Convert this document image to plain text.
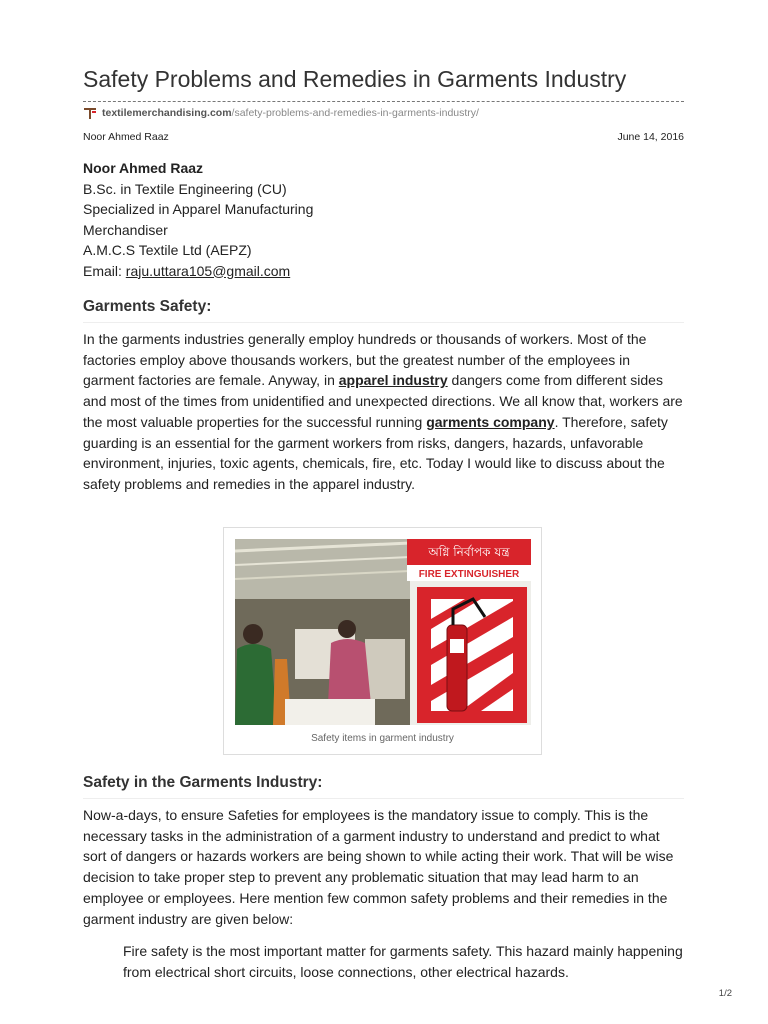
Safety Problems and Remedies in Garments Industry
textilemerchandising.com /safety-problems-and-remedies-in-garments-industry/
Noor Ahmed Raaz	June 14, 2016
Noor Ahmed Raaz
B.Sc. in Textile Engineering (CU)
Specialized in Apparel Manufacturing
Merchandiser
A.M.C.S Textile Ltd (AEPZ)
Email: raju.uttara105@gmail.com
Garments Safety:
In the garments industries generally employ hundreds or thousands of workers. Most of the factories employ above thousands workers, but the greatest number of the employees in garment factories are female. Anyway, in apparel industry dangers come from different sides and most of the times from unidentified and unexpected directions. We all know that, workers are the most valuable properties for the successful running garments company. Therefore, safety guarding is an essential for the garment workers from risks, dangers, hazards, unfavorable environment, injuries, toxic agents, chemicals, fire, etc. Today I would like to discuss about the safety problems and remedies in the apparel industry.
অগ্নি নির্বাপক যন্ত্র
FIRE EXTINGUISHER
Safety items in garment industry
Safety in the Garments Industry:
Now-a-days, to ensure Safeties for employees is the mandatory issue to comply. This is the necessary tasks in the administration of a garment industry to understand and predict to what sort of dangers or hazards workers are being shown to while acting their work. That will be wise decision to take proper step to prevent any problematic situation that may lead harm to an employee or employees. Here mention few common safety problems and their remedies in the garment industry are given below:
Fire safety is the most important matter for garments safety. This hazard mainly happening from electrical short circuits, loose connections, other electrical hazards.
1/2
